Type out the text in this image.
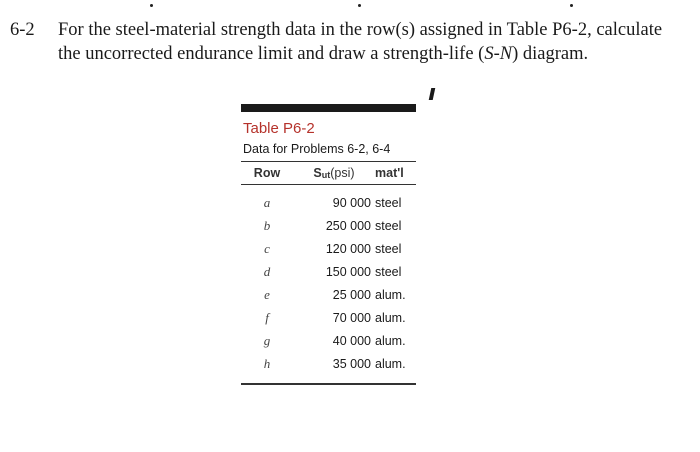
6-2 For the steel-material strength data in the row(s) assigned in Table P6-2, calculate
the uncorrected endurance limit and draw a strength-life (S-N) diagram.
Table P6-2
Data for Problems 6-2, 6-4
Row	$S_{ut}(psi)$	mat'l
a	90 000 steel
b	250 000 steel
c	120 000 steel
d	150 000 steel
e	25 000 alum.
f	70 000 alum.
g	40 000 alum.
h	35 000 alum.
